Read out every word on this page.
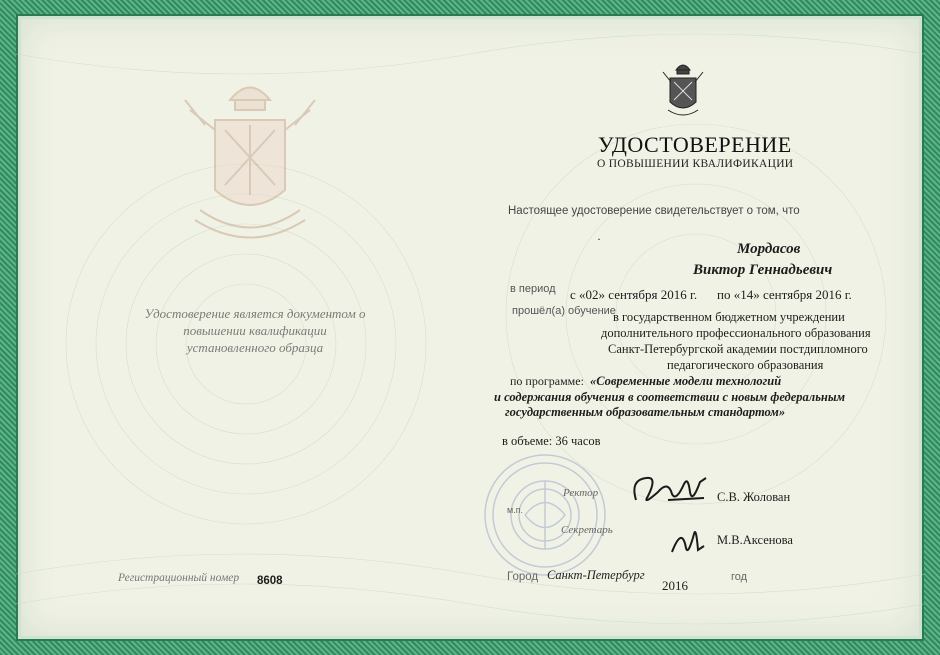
УДОСТОВЕРЕНИЕ
О ПОВЫШЕНИИ КВАЛИФИКАЦИИ
Настоящее удостоверение свидетельствует о том, что
·
Мордасов
Виктор Геннадьевич
в период с «02» сентября 2016 г. по «14» сентября 2016 г.
прошёл(а) обучение
в государственном бюджетном учреждении
дополнительного профессионального образования
Санкт-Петербургской академии постдипломного
педагогического образования
по программе: «Современные модели технологий
и содержания обучения в соответствии с новым федеральным
государственным образовательным стандартом»
в объеме: 36 часов
Удостоверение является документом о повышении квалификации установленного образца
м.п.
Ректор
Секретарь
С.В. Жолован
М.В.Аксенова
Регистрационный номер 8608	Город Санкт-Петербург
2016
год
